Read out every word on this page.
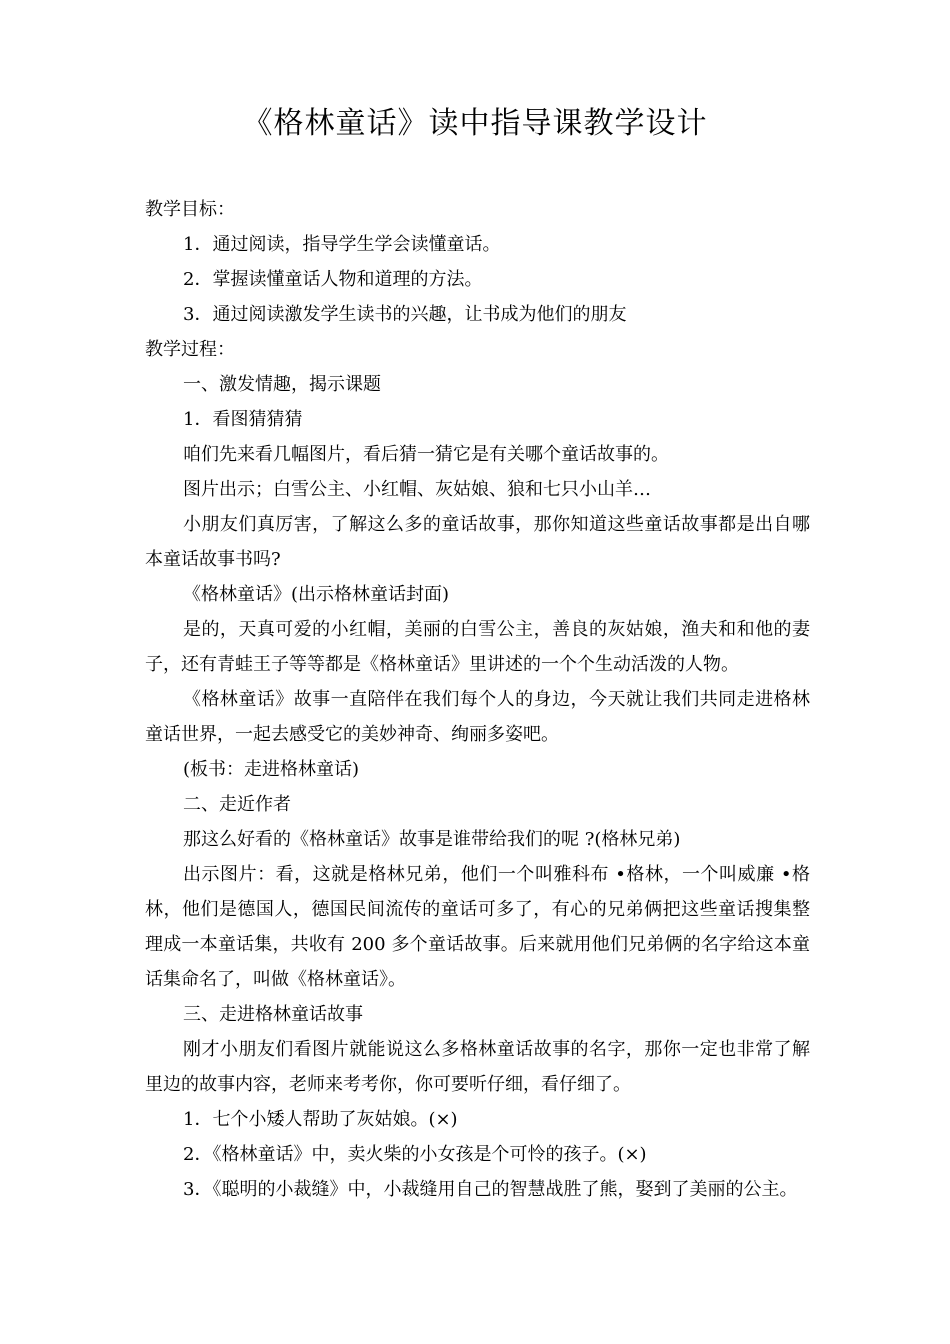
《格林童话》读中指导课教学设计

教学目标：

1．通过阅读，指导学生学会读懂童话。

2．掌握读懂童话人物和道理的方法。

3．通过阅读激发学生读书的兴趣，让书成为他们的朋友

教学过程：

一、激发情趣，揭示课题

1．看图猜猜猜

咱们先来看几幅图片，看后猜一猜它是有关哪个童话故事的。

图片出示；白雪公主、小红帽、灰姑娘、狼和七只小山羊…

小朋友们真厉害，了解这么多的童话故事，那你知道这些童话故事都是出自哪本童话故事书吗?

《格林童话》(出示格林童话封面)

是的，天真可爱的小红帽，美丽的白雪公主，善良的灰姑娘，渔夫和和他的妻子，还有青蛙王子等等都是《格林童话》里讲述的一个个生动活泼的人物。

《格林童话》故事一直陪伴在我们每个人的身边，今天就让我们共同走进格林童话世界，一起去感受它的美妙神奇、绚丽多姿吧。

(板书：走进格林童话)

二、走近作者

那这么好看的《格林童话》故事是谁带给我们的呢 ?(格林兄弟)

出示图片：看，这就是格林兄弟，他们一个叫雅科布 •格林，一个叫威廉 •格林，他们是德国人，德国民间流传的童话可多了，有心的兄弟俩把这些童话搜集整理成一本童话集，共收有 200 多个童话故事。后来就用他们兄弟俩的名字给这本童话集命名了，叫做《格林童话》。

三、走进格林童话故事

刚才小朋友们看图片就能说这么多格林童话故事的名字，那你一定也非常了解里边的故事内容，老师来考考你，你可要听仔细，看仔细了。

1．七个小矮人帮助了灰姑娘。(×)

2．《格林童话》中，卖火柴的小女孩是个可怜的孩子。(×)

3．《聪明的小裁缝》中，小裁缝用自己的智慧战胜了熊，娶到了美丽的公主。
